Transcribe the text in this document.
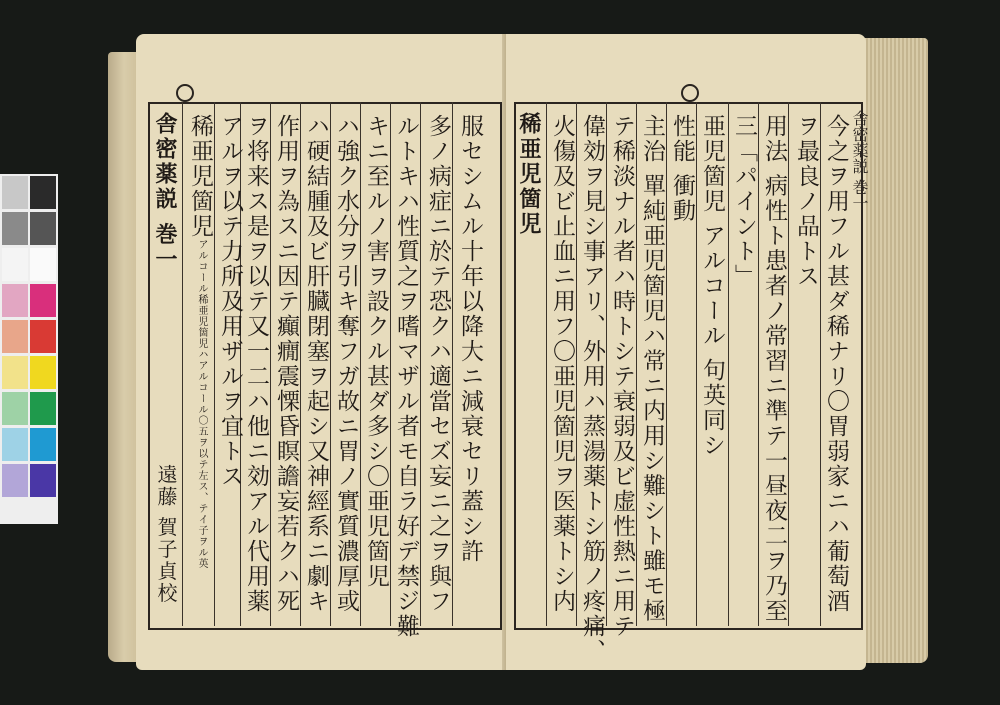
舎密薬説 巻一	服セシムル十年以降大ニ減衰セリ蓋シ許
多ノ病症ニ於テ恐クハ適當セズ妄ニ之ヲ與フ
ルトキハ性質之ヲ嗜マザル者モ自ラ好デ禁ジ難
キニ至ルノ害ヲ設クル甚ダ多シ〇亜児箇児
ハ強ク水分ヲ引キ奪フガ故ニ胃ノ實質濃厚或
ハ硬結腫及ビ肝臓閉塞ヲ起シ又神經系ニ劇キ
作用ヲ為スニ因テ癲癇震慄昏瞑譫妄若クハ死
ヲ将来ス是ヲ以テ又一二ハ他ニ効アル代用薬
アルヲ以テ力所及用ザルヲ宜トス
稀亜児箇児
アルコール稀亜児箇児ハアルコール〇五ヲ以テ左ス、テイ子ヲル英
遠藤 賀子貞校	今之ヲ用フル甚ダ稀ナリ〇胃弱家ニハ葡萄酒
ヲ最良ノ品トス
用法 病性ト患者ノ常習ニ準テ一昼夜二ヲ乃至
三「パイント」
亜児箇児 アルコール 句英同シ
性能 衝動
主治 單純亜児箇児ハ常ニ内用シ難シト雖モ極
テ稀淡ナル者ハ時トシテ衰弱及ビ虚性熱ニ用テ
偉効ヲ見シ事アリ、外用ハ蒸湯薬トシ筋ノ疼痛、
火傷及ビ止血ニ用フ〇亜児箇児ヲ医薬トシ内
稀亜児箇児	舎密薬説 巻一
